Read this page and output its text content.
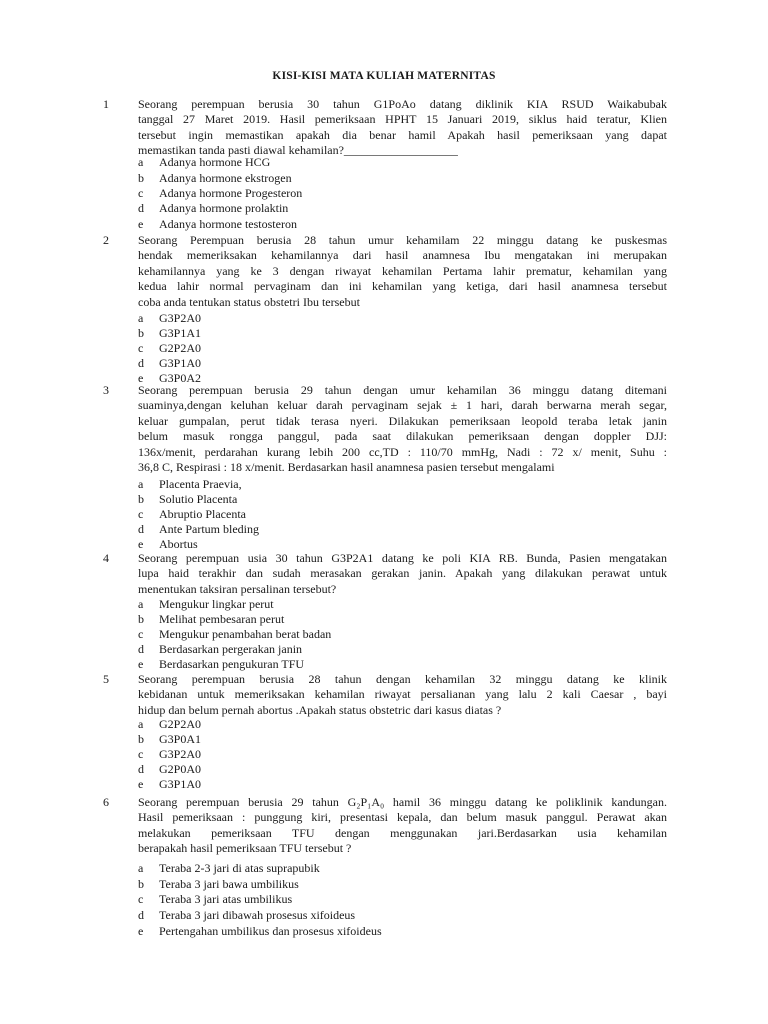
KISI-KISI MATA KULIAH MATERNITAS
1 Seorang perempuan berusia 30 tahun G1PoAo datang diklinik KIA RSUD Waikabubak
tanggal 27 Maret 2019. Hasil pemeriksaan HPHT 15 Januari 2019, siklus haid teratur, Klien
tersebut ingin memastikan apakah dia benar hamil Apakah hasil pemeriksaan yang dapat
memastikan tanda pasti diawal kehamilan?___________________
a Adanya hormone HCG
b Adanya hormone ekstrogen
c Adanya hormone Progesteron
d Adanya hormone prolaktin
e Adanya hormone testosteron
2 Seorang Perempuan berusia 28 tahun umur kehamilam 22 minggu datang ke puskesmas
hendak memeriksakan kehamilannya dari hasil anamnesa Ibu mengatakan ini merupakan
kehamilannya yang ke 3 dengan riwayat kehamilan Pertama lahir prematur, kehamilan yang
kedua lahir normal pervaginam dan ini kehamilan yang ketiga, dari hasil anamnesa tersebut
coba anda tentukan status obstetri Ibu tersebut
a G3P2A0
b G3P1A1
c G2P2A0
d G3P1A0
e G3P0A2
3 Seorang perempuan berusia 29 tahun dengan umur kehamilan 36 minggu datang ditemani
suaminya,dengan keluhan keluar darah pervaginam sejak ± 1 hari, darah berwarna merah segar,
keluar gumpalan, perut tidak terasa nyeri. Dilakukan pemeriksaan leopold teraba letak janin
belum masuk rongga panggul, pada saat dilakukan pemeriksaan dengan doppler DJJ:
136x/menit, perdarahan kurang lebih 200 cc,TD : 110/70 mmHg, Nadi : 72 x/ menit, Suhu :
36,8 C, Respirasi : 18 x/menit. Berdasarkan hasil anamnesa pasien tersebut mengalami
a Placenta Praevia,
b Solutio Placenta
c Abruptio Placenta
d Ante Partum bleding
e Abortus
4 Seorang perempuan usia 30 tahun G3P2A1 datang ke poli KIA RB. Bunda, Pasien mengatakan
lupa haid terakhir dan sudah merasakan gerakan janin. Apakah yang dilakukan perawat untuk
menentukan taksiran persalinan tersebut?
a Mengukur lingkar perut
b Melihat pembesaran perut
c Mengukur penambahan berat badan
d Berdasarkan pergerakan janin
e Berdasarkan pengukuran TFU
5 Seorang perempuan berusia 28 tahun dengan kehamilan 32 minggu datang ke klinik
kebidanan untuk memeriksakan kehamilan riwayat persalianan yang lalu 2 kali Caesar , bayi
hidup dan belum pernah abortus .Apakah status obstetric dari kasus diatas ?
a G2P2A0
b G3P0A1
c G3P2A0
d G2P0A0
e G3P1A0
6 Seorang perempuan berusia 29 tahun G₂P₁A₀ hamil 36 minggu datang ke poliklinik kandungan.
Hasil pemeriksaan : punggung kiri, presentasi kepala, dan belum masuk panggul. Perawat akan
melakukan pemeriksaan TFU dengan menggunakan jari.Berdasarkan usia kehamilan
berapakah hasil pemeriksaan TFU tersebut ?
a Teraba 2-3 jari di atas suprapubik
b Teraba 3 jari bawa umbilikus
c Teraba 3 jari atas umbilikus
d Teraba 3 jari dibawah prosesus xifoideus
e Pertengahan umbilikus dan prosesus xifoideus
